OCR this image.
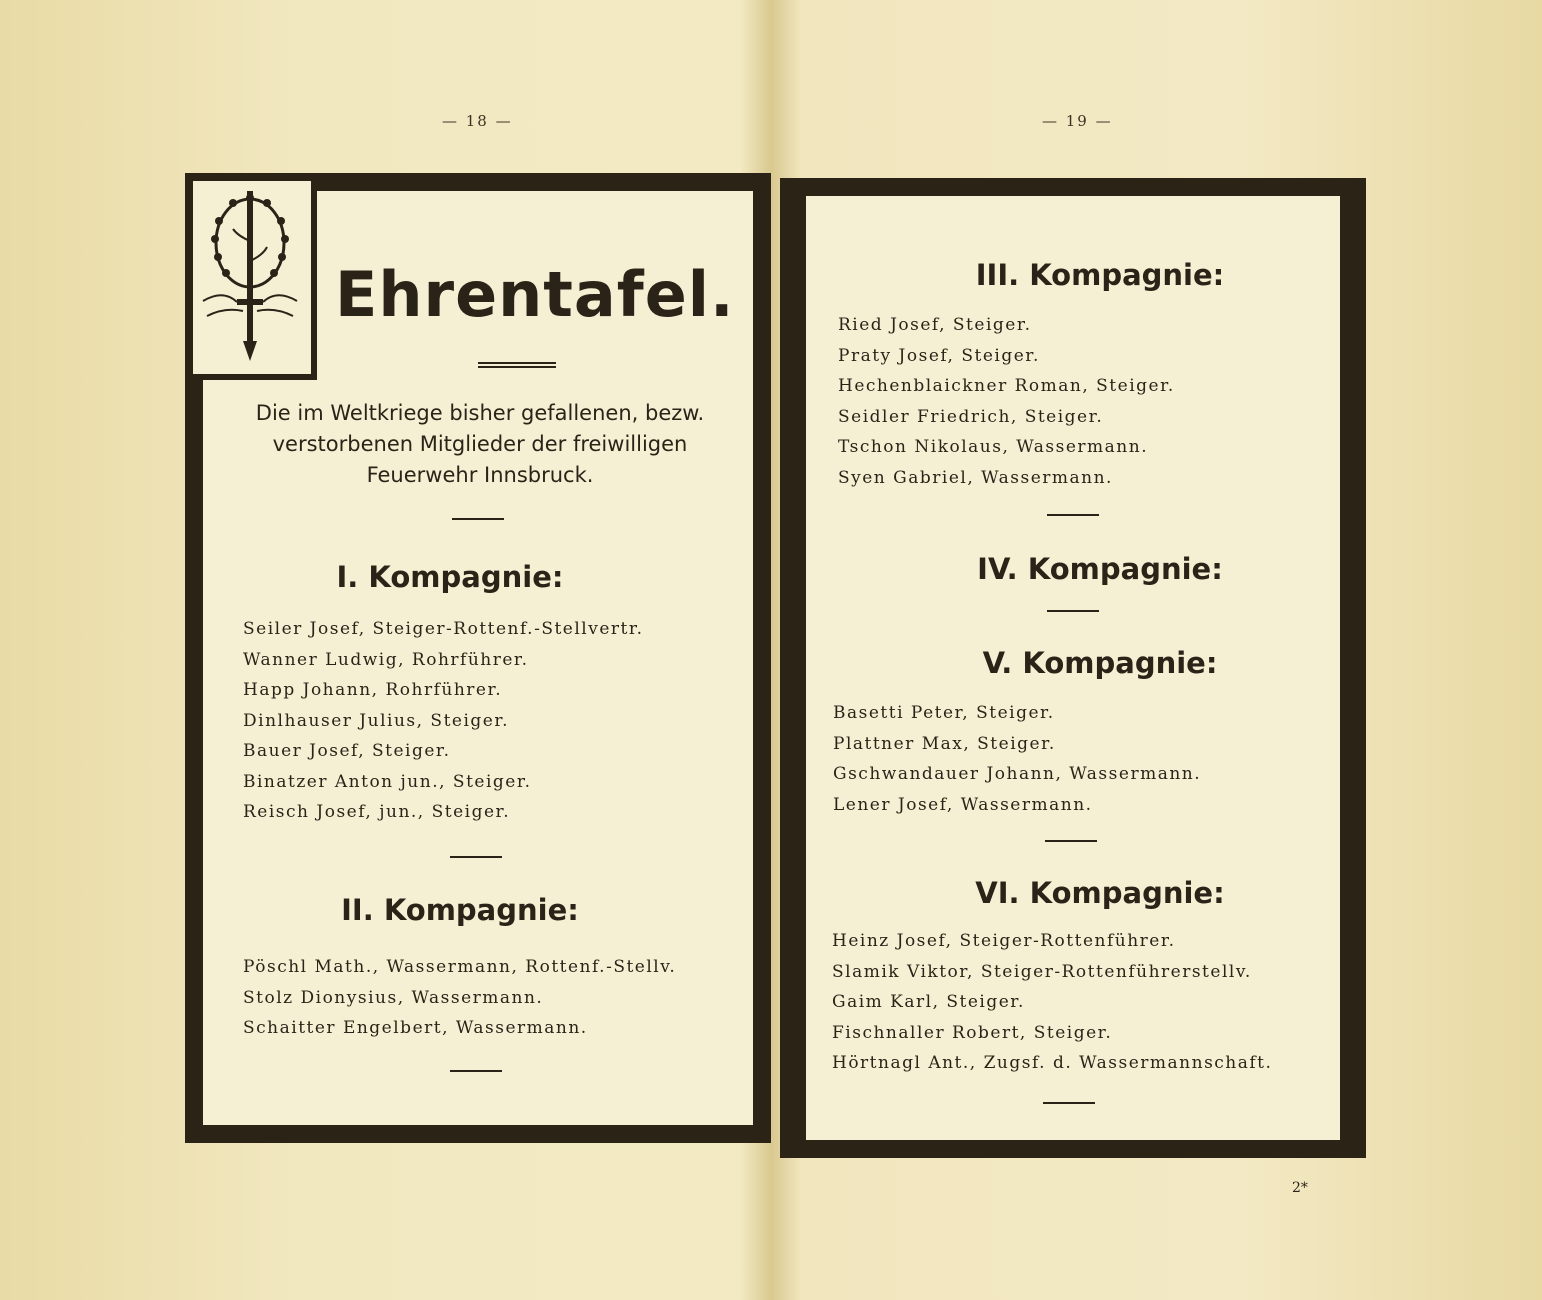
— 18 —
Ehrentafel.
Die im Weltkriege bisher gefallenen, bezw.
verstorbenen Mitglieder der freiwilligen
Feuerwehr Innsbruck.
I. Kompagnie:
Seiler Josef, Steiger-Rottenf.-Stellvertr.
Wanner Ludwig, Rohrführer.
Happ Johann, Rohrführer.
Dinlhauser Julius, Steiger.
Bauer Josef, Steiger.
Binatzer Anton jun., Steiger.
Reisch Josef, jun., Steiger.
II. Kompagnie:
Pöschl Math., Wassermann, Rottenf.-Stellv.
Stolz Dionysius, Wassermann.
Schaitter Engelbert, Wassermann.
— 19 —
III. Kompagnie:
Ried Josef, Steiger.
Praty Josef, Steiger.
Hechenblaickner Roman, Steiger.
Seidler Friedrich, Steiger.
Tschon Nikolaus, Wassermann.
Syen Gabriel, Wassermann.
IV. Kompagnie:
V. Kompagnie:
Basetti Peter, Steiger.
Plattner Max, Steiger.
Gschwandauer Johann, Wassermann.
Lener Josef, Wassermann.
VI. Kompagnie:
Heinz Josef, Steiger-Rottenführer.
Slamik Viktor, Steiger-Rottenführerstellv.
Gaim Karl, Steiger.
Fischnaller Robert, Steiger.
Hörtnagl Ant., Zugsf. d. Wassermannschaft.
2*
